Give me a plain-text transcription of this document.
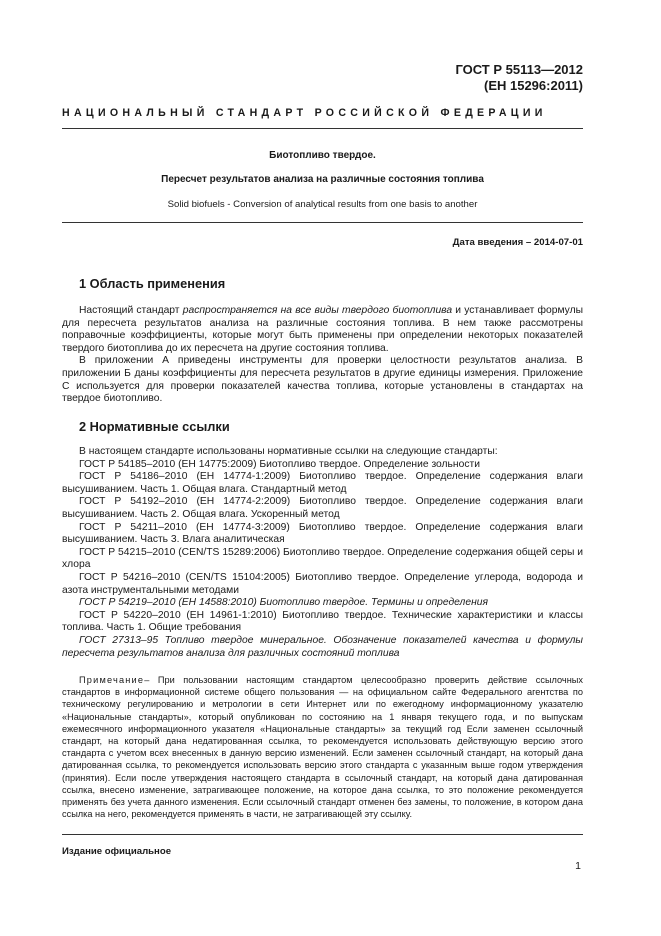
ГОСТ Р 55113—2012
(ЕН 15296:2011)
НАЦИОНАЛЬНЫЙ СТАНДАРТ РОССИЙСКОЙ ФЕДЕРАЦИИ
Биотопливо твердое.
Пересчет результатов анализа на различные состояния топлива
Solid biofuels - Conversion of analytical results from one basis to another
Дата введения – 2014-07-01
1 Область применения

Настоящий стандарт распространяется на все виды твердого биотоплива и устанавливает формулы для пересчета результатов анализа на различные состояния топлива. В нем также рассмотрены поправочные коэффициенты, которые могут быть применены при определении некоторых показателей твердого биотоплива до их пересчета на другие состояния топлива.

В приложении А приведены инструменты для проверки целостности результатов анализа. В приложении Б даны коэффициенты для пересчета результатов в другие единицы измерения. Приложение С используется для проверки показателей качества топлива, которые установлены в стандартах на твердое биотопливо.

2 Нормативные ссылки

В настоящем стандарте использованы нормативные ссылки на следующие стандарты:

ГОСТ Р 54185–2010 (ЕН 14775:2009) Биотопливо твердое. Определение зольности

ГОСТ Р 54186–2010 (ЕН 14774-1:2009) Биотопливо твердое. Определение содержания влаги высушиванием. Часть 1. Общая влага. Стандартный метод

ГОСТ Р 54192–2010 (ЕН 14774-2:2009) Биотопливо твердое. Определение содержания влаги высушиванием. Часть 2. Общая влага. Ускоренный метод

ГОСТ Р 54211–2010 (ЕН 14774-3:2009) Биотопливо твердое. Определение содержания влаги высушиванием. Часть 3. Влага аналитическая

ГОСТ Р 54215–2010 (CEN/TS 15289:2006) Биотопливо твердое. Определение содержания общей серы и хлора

ГОСТ Р 54216–2010 (CEN/TS 15104:2005) Биотопливо твердое. Определение углерода, водорода и азота инструментальными методами

ГОСТ Р 54219–2010 (ЕН 14588:2010) Биотопливо твердое. Термины и определения

ГОСТ Р 54220–2010 (ЕН 14961-1:2010) Биотопливо твердое. Технические характеристики и классы топлива. Часть 1. Общие требования

ГОСТ 27313–95 Топливо твердое минеральное. Обозначение показателей качества и формулы пересчета результатов анализа для различных состояний топлива

Примечание– При пользовании настоящим стандартом целесообразно проверить действие ссылочных стандартов в информационной системе общего пользования — на официальном сайте Федерального агентства по техническому регулированию и метрологии в сети Интернет или по ежегодному информационному указателю «Национальные стандарты», который опубликован по состоянию на 1 января текущего года, и по выпускам ежемесячного информационного указателя «Национальные стандарты» за текущий год Если заменен ссылочный стандарт, на который дана недатированная ссылка, то рекомендуется использовать действующую версию этого стандарта с учетом всех внесенных в данную версию изменений. Если заменен ссылочный стандарт, на который дана датированная ссылка, то рекомендуется использовать версию этого стандарта с указанным выше годом утверждения (принятия). Если после утверждения настоящего стандарта в ссылочный стандарт, на который дана датированная ссылка, внесено изменение, затрагивающее положение, на которое дана ссылка, то это положение рекомендуется применять без учета данного изменения. Если ссылочный стандарт отменен без замены, то положение, в котором дана ссылка на него, рекомендуется применять в части, не затрагивающей эту ссылку.

Издание официальное
1
